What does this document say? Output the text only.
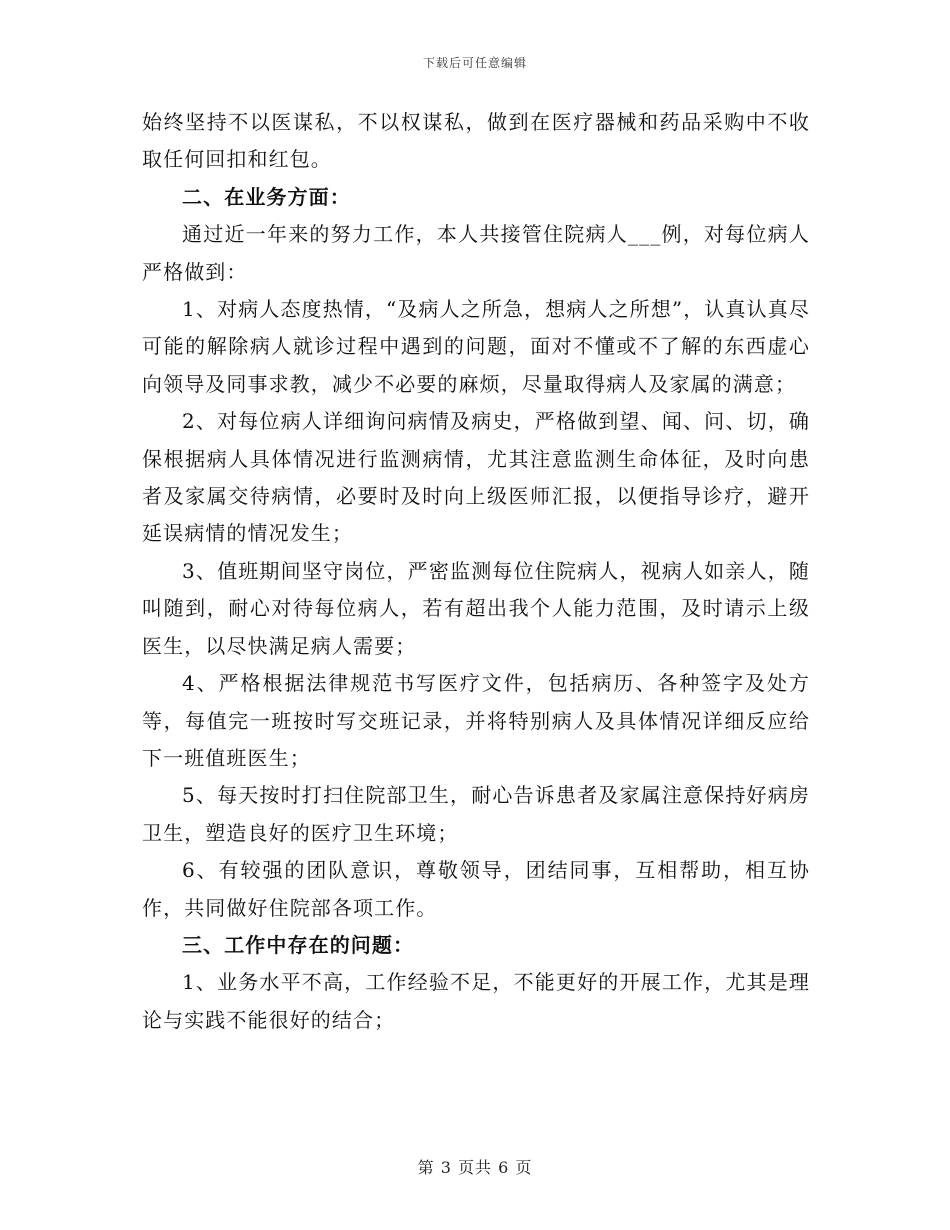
下载后可任意编辑

始终坚持不以医谋私，不以权谋私，做到在医疗器械和药品采购中不收取任何回扣和红包。

二、在业务方面：

通过近一年来的努力工作，本人共接管住院病人___例，对每位病人严格做到：

1、对病人态度热情，“及病人之所急，想病人之所想”，认真认真尽可能的解除病人就诊过程中遇到的问题，面对不懂或不了解的东西虚心向领导及同事求教，减少不必要的麻烦，尽量取得病人及家属的满意；

2、对每位病人详细询问病情及病史，严格做到望、闻、问、切，确保根据病人具体情况进行监测病情，尤其注意监测生命体征，及时向患者及家属交待病情，必要时及时向上级医师汇报，以便指导诊疗，避开延误病情的情况发生；

3、值班期间坚守岗位，严密监测每位住院病人，视病人如亲人，随叫随到，耐心对待每位病人，若有超出我个人能力范围，及时请示上级医生，以尽快满足病人需要；

4、严格根据法律规范书写医疗文件，包括病历、各种签字及处方等，每值完一班按时写交班记录，并将特别病人及具体情况详细反应给下一班值班医生；

5、每天按时打扫住院部卫生，耐心告诉患者及家属注意保持好病房卫生，塑造良好的医疗卫生环境；

6、有较强的团队意识，尊敬领导，团结同事，互相帮助，相互协作，共同做好住院部各项工作。

三、工作中存在的问题：

1、业务水平不高，工作经验不足，不能更好的开展工作，尤其是理论与实践不能很好的结合；

第 3 页共 6 页
